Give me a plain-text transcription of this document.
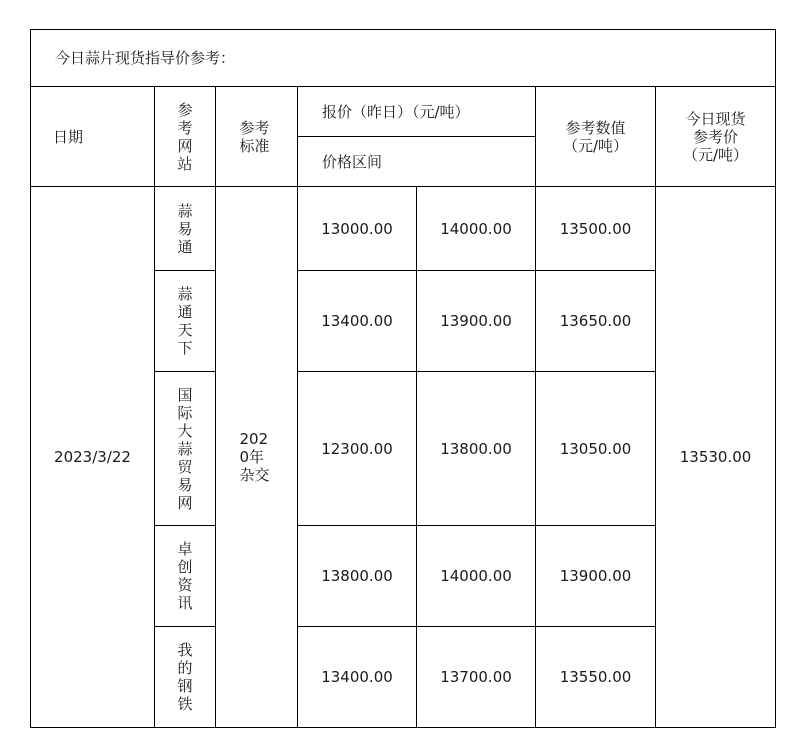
今日蒜片现货指导价参考：						
日期	参考网站	参考标准	报价（昨日）（元/吨）		参考数值（元/吨）	今日现货参考价（元/吨）
			价格区间			
2023/3/22	蒜易通	2020年杂交	13000.00	14000.00	13500.00	13530.00
	蒜通天下		13400.00	13900.00	13650.00	
	国际大蒜贸易网		12300.00	13800.00	13050.00	
	卓创资讯		13800.00	14000.00	13900.00	
	我的钢铁		13400.00	13700.00	13550.00	
